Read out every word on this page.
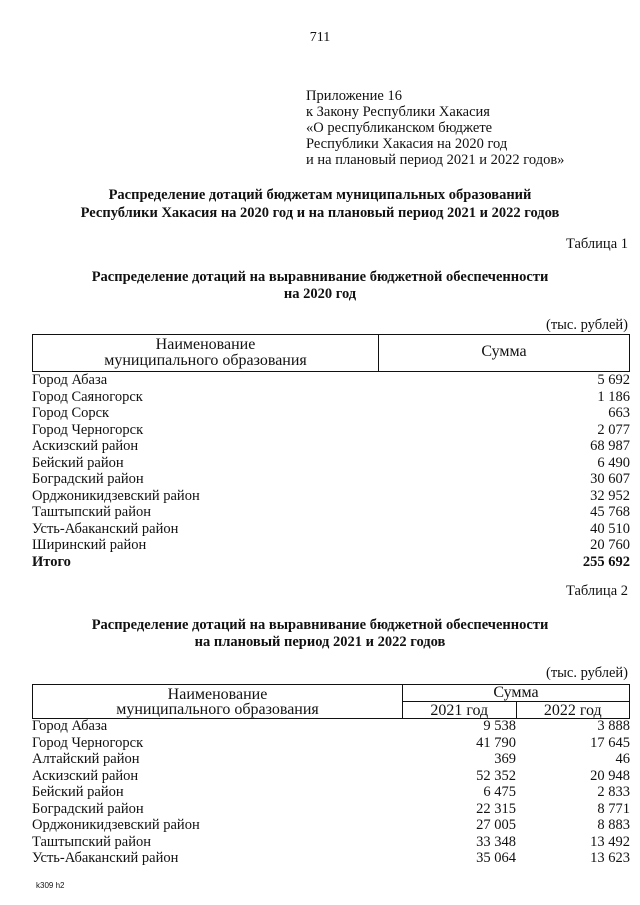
711
Приложение 16
к Закону Республики Хакасия
«О республиканском бюджете
Республики Хакасия на 2020 год
и на плановый период 2021 и 2022 годов»
Распределение дотаций бюджетам муниципальных образований
Республики Хакасия на 2020 год и на плановый период 2021 и 2022 годов
Таблица 1
Распределение дотаций на выравнивание бюджетной обеспеченности
на 2020 год
(тыс. рублей)
Наименование
муниципального образования
Сумма
Город Абаза	5 692
Город Саяногорск	1 186
Город Сорск	663
Город Черногорск	2 077
Аскизский район	68 987
Бейский район	6 490
Боградский район	30 607
Орджоникидзевский район	32 952
Таштыпский район	45 768
Усть-Абаканский район	40 510
Ширинский район	20 760
Итого	255 692
Таблица 2
Распределение дотаций на выравнивание бюджетной обеспеченности
на плановый период 2021 и 2022 годов
(тыс. рублей)
Наименование
муниципального образования
Сумма
2021 год	2022 год
Город Абаза	9 538	3 888
Город Черногорск	41 790	17 645
Алтайский район	369	46
Аскизский район	52 352	20 948
Бейский район	6 475	2 833
Боградский район	22 315	8 771
Орджоникидзевский район	27 005	8 883
Таштыпский район	33 348	13 492
Усть-Абаканский район	35 064	13 623
k309 h2
